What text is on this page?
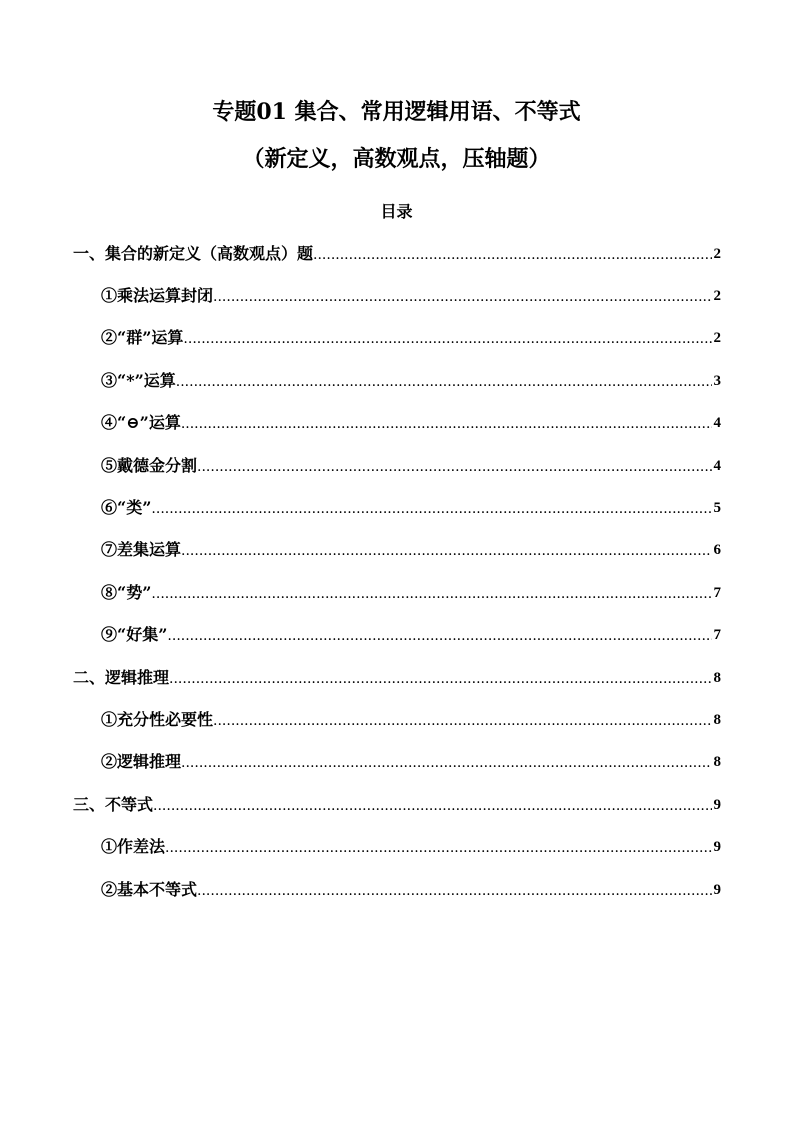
专题01 集合、常用逻辑用语、不等式
（新定义，高数观点，压轴题）
目录
一、集合的新定义（高数观点）题 .....	2
①乘法运算封闭 .....	2
②“群”运算 .....	2
③“*”运算 .....	3
④“⊖”运算 .....	4
⑤戴德金分割 .....	4
⑥“类” .....	5
⑦差集运算 .....	6
⑧“势” .....	7
⑨“好集” .....	7
二、逻辑推理 .....	8
①充分性必要性 .....	8
②逻辑推理 .....	8
三、不等式 .....	9
①作差法 .....	9
②基本不等式 .....	9
